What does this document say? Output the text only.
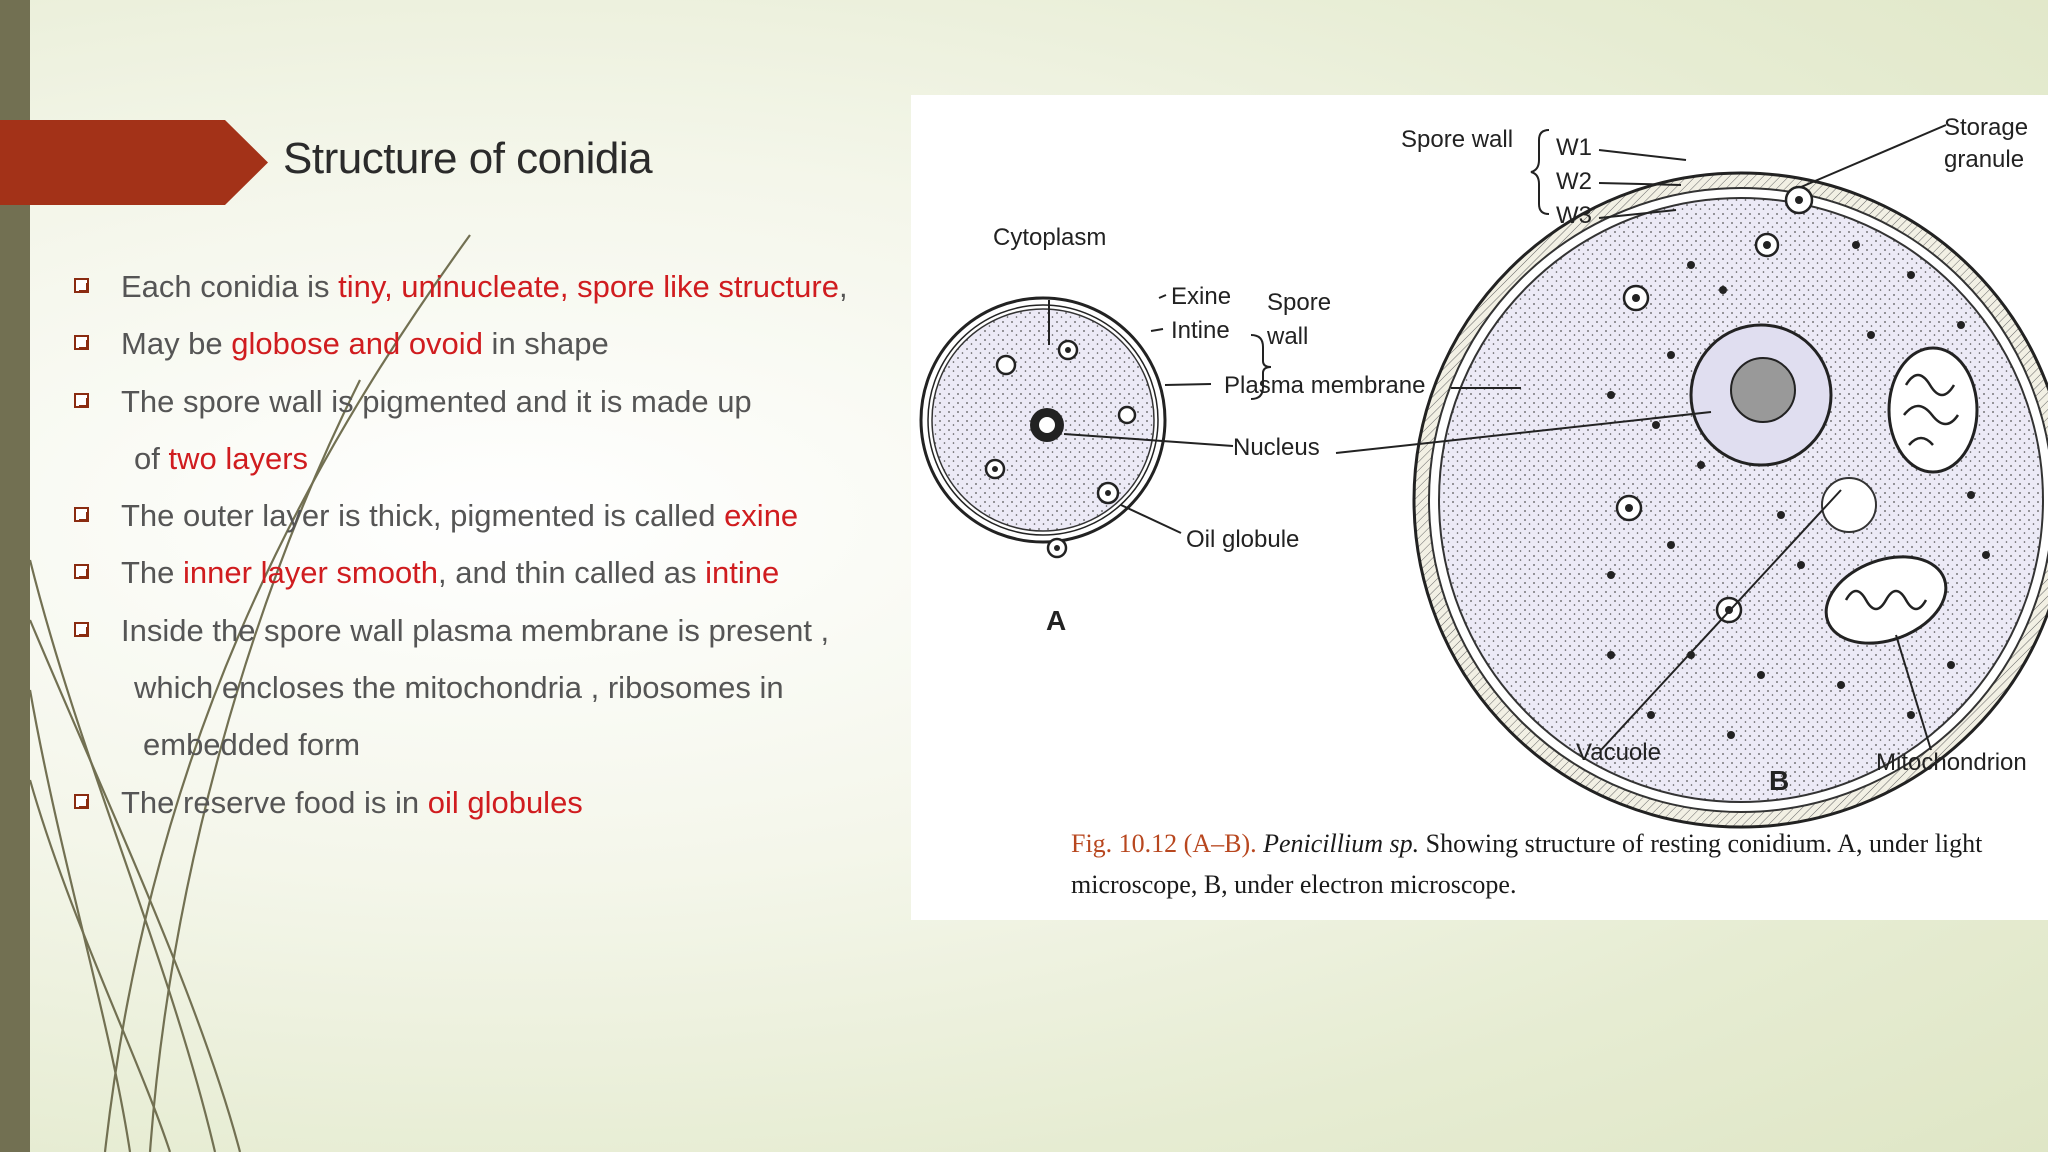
Structure of conidia
Each conidia is tiny, uninucleate, spore like structure,
May be globose and ovoid in shape
The spore wall is pigmented and it is made up
of two layers
The outer layer is thick, pigmented is called exine
The inner layer smooth, and thin called as intine
Inside the spore wall plasma membrane is present ,
which encloses the mitochondria , ribosomes in
embedded form
The reserve food is in oil globules
Cytoplasm
Exine
Intine
Spore
wall
Plasma membrane
Nucleus
Oil globule
A
Spore wall W1
W2
W3
Storage
granule
Vacuole	Mitochondrion
B
Fig. 10.12 (A–B). Penicillium sp. Showing structure of resting conidium. A, under light microscope, B, under electron microscope.
